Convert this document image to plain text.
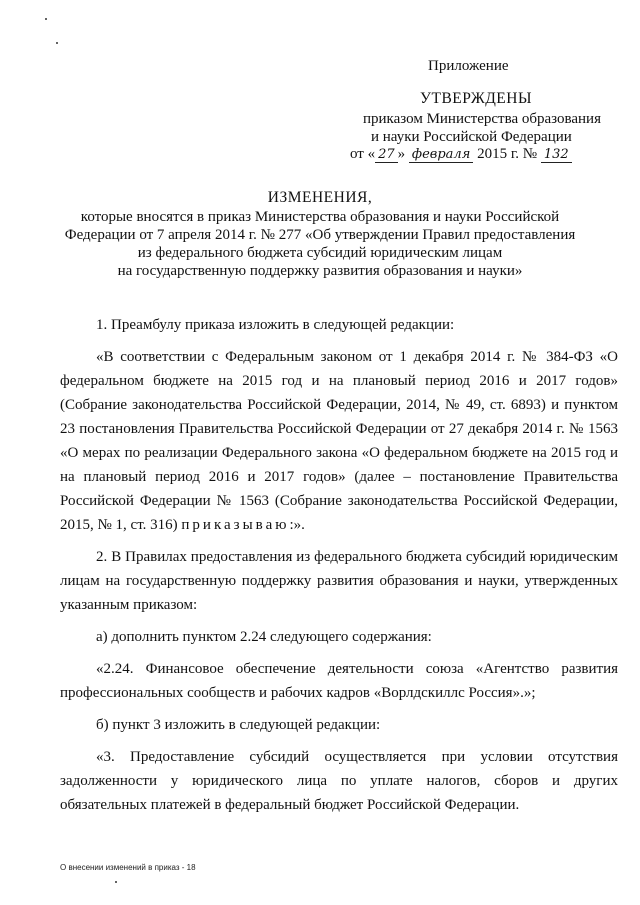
Приложение
УТВЕРЖДЕНЫ
приказом Министерства образования
и науки Российской Федерации
от « 27 » февраля 2015 г. № 132
ИЗМЕНЕНИЯ,
которые вносятся в приказ Министерства образования и науки Российской
Федерации от 7 апреля 2014 г. № 277 «Об утверждении Правил предоставления
из федерального бюджета субсидий юридическим лицам
на государственную поддержку развития образования и науки»

1. Преамбулу приказа изложить в следующей редакции:

«В соответствии с Федеральным законом от 1 декабря 2014 г. № 384-ФЗ «О федеральном бюджете на 2015 год и на плановый период 2016 и 2017 годов» (Собрание законодательства Российской Федерации, 2014, № 49, ст. 6893) и пунктом 23 постановления Правительства Российской Федерации от 27 декабря 2014 г. № 1563 «О мерах по реализации Федерального закона «О федеральном бюджете на 2015 год и на плановый период 2016 и 2017 годов» (далее – постановление Правительства Российской Федерации № 1563 (Собрание законодательства Российской Федерации, 2015, № 1, ст. 316) приказываю:».

2. В Правилах предоставления из федерального бюджета субсидий юридическим лицам на государственную поддержку развития образования и науки, утвержденных указанным приказом:

а) дополнить пунктом 2.24 следующего содержания:

«2.24. Финансовое обеспечение деятельности союза «Агентство развития профессиональных сообществ и рабочих кадров «Ворлдскиллс Россия».»;

б) пункт 3 изложить в следующей редакции:

«3. Предоставление субсидий осуществляется при условии отсутствия задолженности у юридического лица по уплате налогов, сборов и других обязательных платежей в федеральный бюджет Российской Федерации.

О внесении изменений в приказ - 18
